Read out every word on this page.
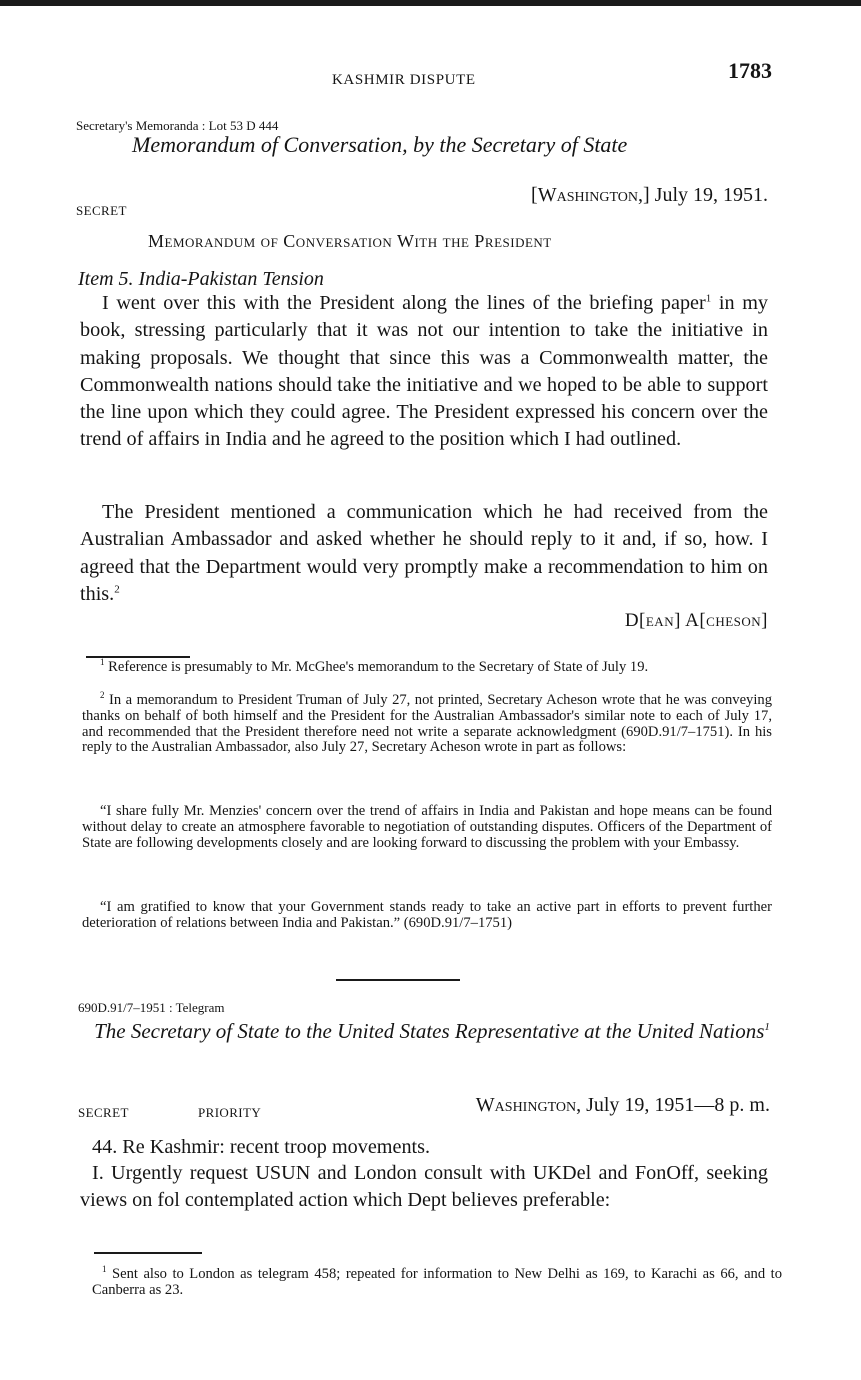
KASHMIR DISPUTE	1783
Secretary's Memoranda : Lot 53 D 444
Memorandum of Conversation, by the Secretary of State
SECRET
[Washington,] July 19, 1951.
Memorandum of Conversation With the President
Item 5. India-Pakistan Tension

I went over this with the President along the lines of the briefing paper$^1$ in my book, stressing particularly that it was not our intention to take the initiative in making proposals. We thought that since this was a Commonwealth matter, the Commonwealth nations should take the initiative and we hoped to be able to support the line upon which they could agree. The President expressed his concern over the trend of affairs in India and he agreed to the position which I had outlined.

The President mentioned a communication which he had received from the Australian Ambassador and asked whether he should reply to it and, if so, how. I agreed that the Department would very promptly make a recommendation to him on this.$^2$

D[ean] A[cheson]

$^1$ Reference is presumably to Mr. McGhee's memorandum to the Secretary of State of July 19.

$^2$ In a memorandum to President Truman of July 27, not printed, Secretary Acheson wrote that he was conveying thanks on behalf of both himself and the President for the Australian Ambassador's similar note to each of July 17, and recommended that the President therefore need not write a separate acknowledgment (690D.91/7–1751). In his reply to the Australian Ambassador, also July 27, Secretary Acheson wrote in part as follows:

“I share fully Mr. Menzies' concern over the trend of affairs in India and Pakistan and hope means can be found without delay to create an atmosphere favorable to negotiation of outstanding disputes. Officers of the Department of State are following developments closely and are looking forward to discussing the problem with your Embassy.

“I am gratified to know that your Government stands ready to take an active part in efforts to prevent further deterioration of relations between India and Pakistan.” (690D.91/7–1751)

690D.91/7–1951 : Telegram
The Secretary of State to the United States Representative at the United Nations$^1$
SECRET	PRIORITY	Washington, July 19, 1951—8 p. m.

44. Re Kashmir: recent troop movements.

I. Urgently request USUN and London consult with UKDel and FonOff, seeking views on fol contemplated action which Dept believes preferable:

$^1$ Sent also to London as telegram 458; repeated for information to New Delhi as 169, to Karachi as 66, and to Canberra as 23.
